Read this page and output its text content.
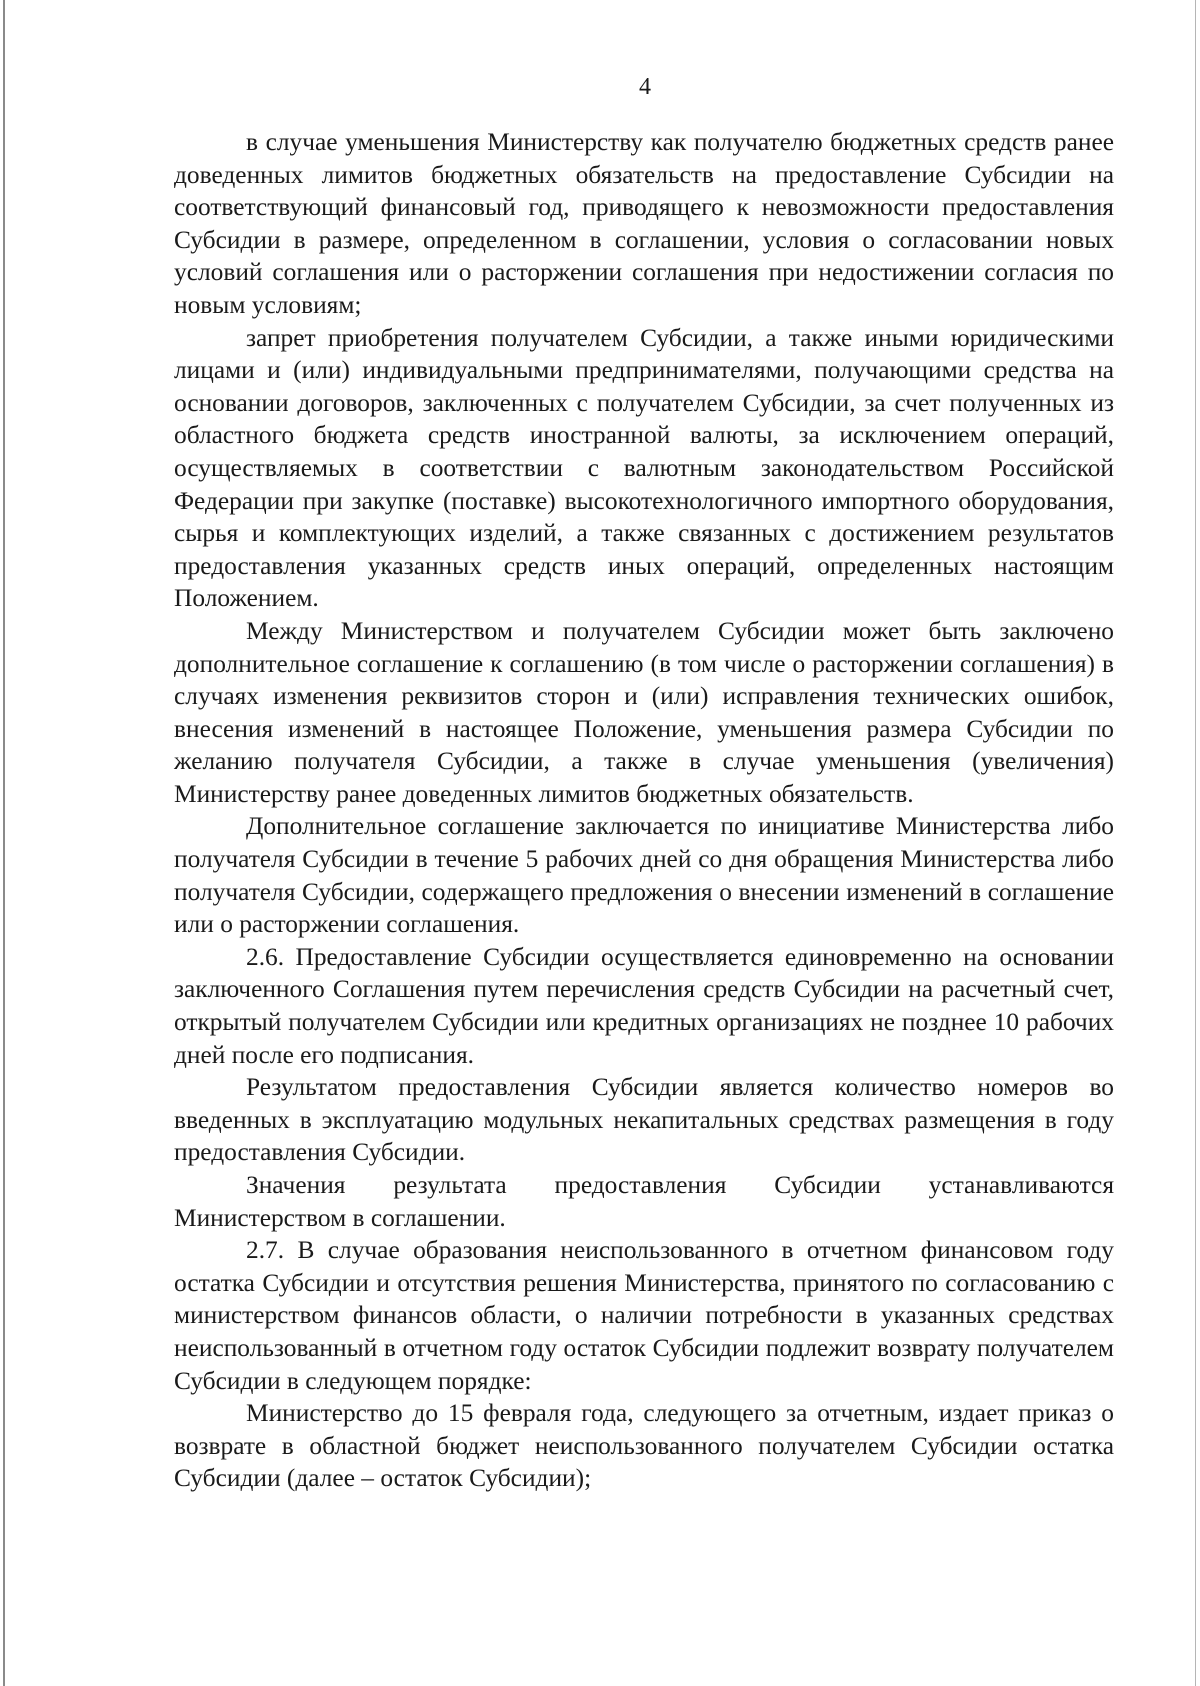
4

в случае уменьшения Министерству как получателю бюджетных средств ранее доведенных лимитов бюджетных обязательств на предоставление Субсидии на соответствующий финансовый год, приводящего к невозможности предоставления Субсидии в размере, определенном в соглашении, условия о согласовании новых условий соглашения или о расторжении соглашения при недостижении согласия по новым условиям;

запрет приобретения получателем Субсидии, а также иными юридическими лицами и (или) индивидуальными предпринимателями, получающими средства на основании договоров, заключенных с получателем Субсидии, за счет полученных из областного бюджета средств иностранной валюты, за исключением операций, осуществляемых в соответствии с валютным законодательством Российской Федерации при закупке (поставке) высокотехнологичного импортного оборудования, сырья и комплектующих изделий, а также связанных с достижением результатов предоставления указанных средств иных операций, определенных настоящим Положением.

Между Министерством и получателем Субсидии может быть заключено дополнительное соглашение к соглашению (в том числе о расторжении соглашения) в случаях изменения реквизитов сторон и (или) исправления технических ошибок, внесения изменений в настоящее Положение, уменьшения размера Субсидии по желанию получателя Субсидии, а также в случае уменьшения (увеличения) Министерству ранее доведенных лимитов бюджетных обязательств.

Дополнительное соглашение заключается по инициативе Министерства либо получателя Субсидии в течение 5 рабочих дней со дня обращения Министерства либо получателя Субсидии, содержащего предложения о внесении изменений в соглашение или о расторжении соглашения.

2.6. Предоставление Субсидии осуществляется единовременно на основании заключенного Соглашения путем перечисления средств Субсидии на расчетный счет, открытый получателем Субсидии или кредитных организациях не позднее 10 рабочих дней после его подписания.

Результатом предоставления Субсидии является количество номеров во введенных в эксплуатацию модульных некапитальных средствах размещения в году предоставления Субсидии.

Значения результата предоставления Субсидии устанавливаются Министерством в соглашении.

2.7. В случае образования неиспользованного в отчетном финансовом году остатка Субсидии и отсутствия решения Министерства, принятого по согласованию с министерством финансов области, о наличии потребности в указанных средствах неиспользованный в отчетном году остаток Субсидии подлежит возврату получателем Субсидии в следующем порядке:

Министерство до 15 февраля года, следующего за отчетным, издает приказ о возврате в областной бюджет неиспользованного получателем Субсидии остатка Субсидии (далее – остаток Субсидии);
